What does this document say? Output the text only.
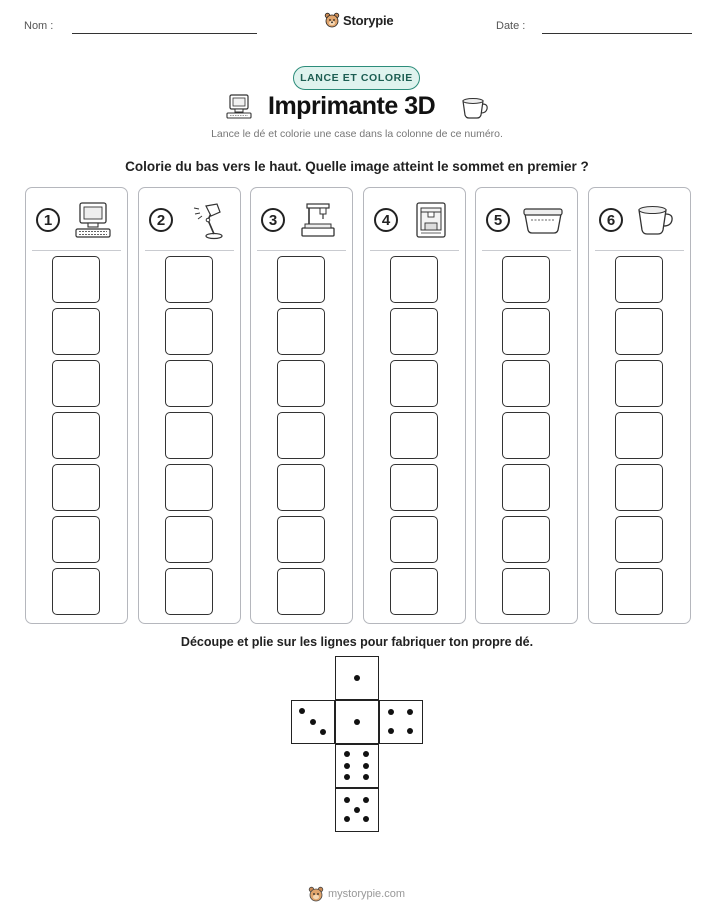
Nom :	Storypie	Date :
LANCE ET COLORIE
Imprimante 3D
Lance le dé et colorie une case dans la colonne de ce numéro.
Colorie du bas vers le haut. Quelle image atteint le sommet en premier ?
1	2	3	4	5	6
Découpe et plie sur les lignes pour fabriquer ton propre dé.
mystorypie.com
